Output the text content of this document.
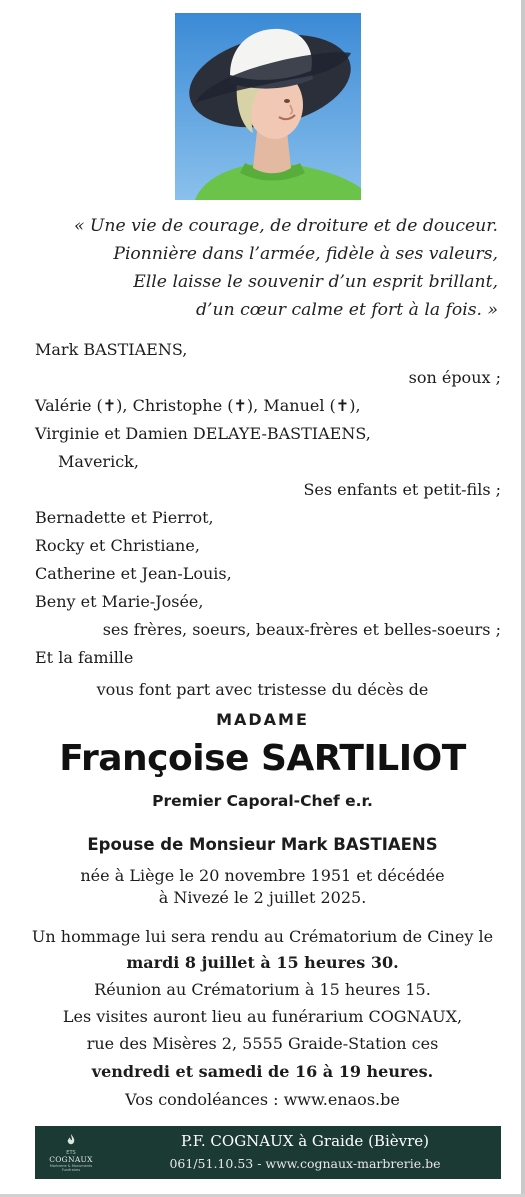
« Une vie de courage, de droiture et de douceur.
Pionnière dans l’armée, fidèle à ses valeurs,
Elle laisse le souvenir d’un esprit brillant,
d’un cœur calme et fort à la fois. »
Mark BASTIAENS,
son époux ;
Valérie (✝), Christophe (✝), Manuel (✝),
Virginie et Damien DELAYE-BASTIAENS,
Maverick,
Ses enfants et petit-fils ;
Bernadette et Pierrot,
Rocky et Christiane,
Catherine et Jean-Louis,
Beny et Marie-Josée,
ses frères, soeurs, beaux-frères et belles-soeurs ;
Et la famille
vous font part avec tristesse du décès de
MADAME
Françoise SARTILIOT
Premier Caporal-Chef e.r.
Epouse de Monsieur Mark BASTIAENS
née à Liège le 20 novembre 1951 et décédée
à Nivezé le 2 juillet 2025.
Un hommage lui sera rendu au Crématorium de Ciney le
mardi 8 juillet à 15 heures 30.
Réunion au Crématorium à 15 heures 15.
Les visites auront lieu au funérarium COGNAUX,
rue des Misères 2, 5555 Graide-Station ces
vendredi et samedi de 16 à 19 heures.
Vos condoléances : www.enaos.be
ETS
COGNAUX
Marbrerie & Monuments Funéraires
P.F. COGNAUX à Graide (Bièvre)
061/51.10.53 - www.cognaux-marbrerie.be
